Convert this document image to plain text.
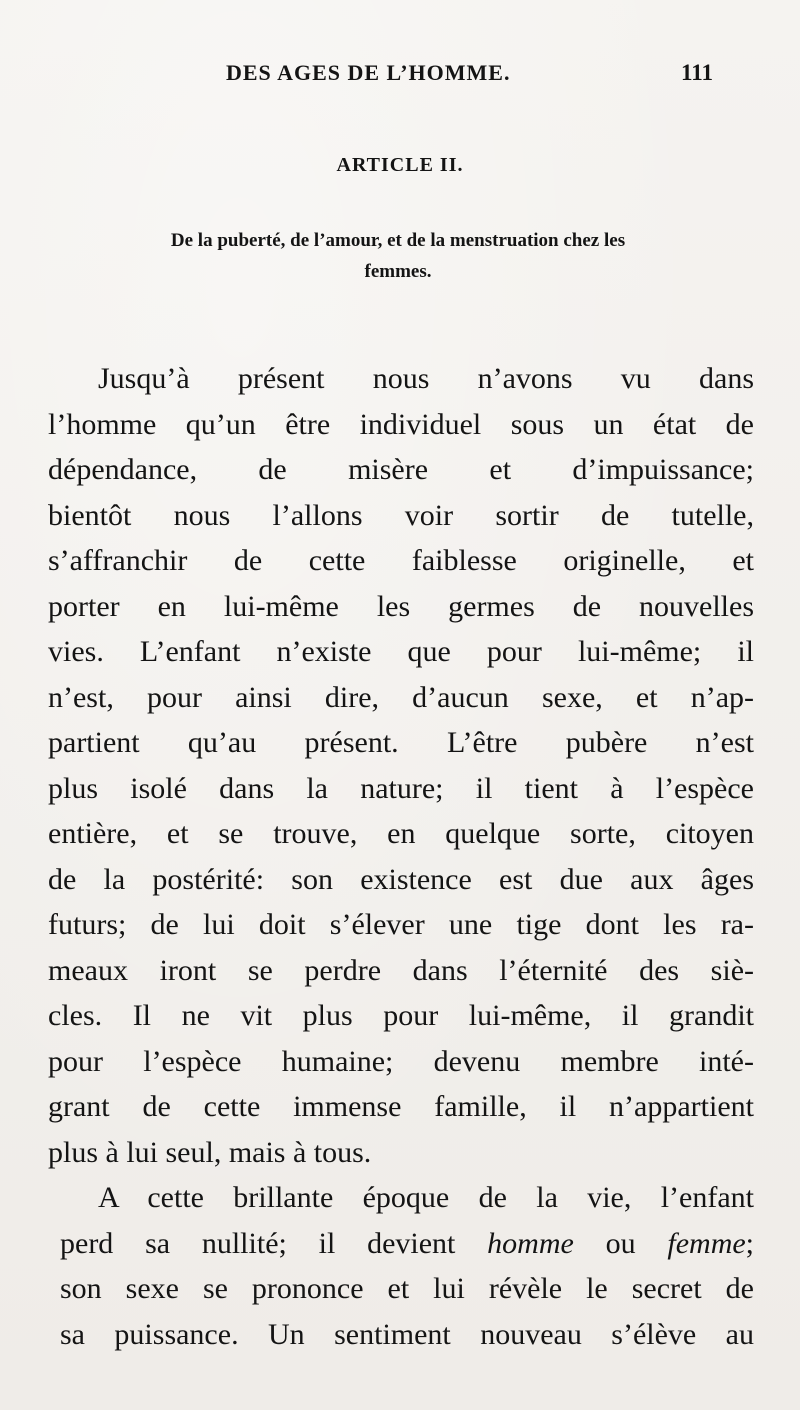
DES AGES DE L’HOMME.	111
ARTICLE II.
De la puberté, de l’amour, et de la menstruation chez les
femmes.
Jusqu’à présent nous n’avons vu dans
l’homme qu’un être individuel sous un état de
dépendance, de misère et d’impuissance;
bientôt nous l’allons voir sortir de tutelle,
s’affranchir de cette faiblesse originelle, et
porter en lui-même les germes de nouvelles
vies. L’enfant n’existe que pour lui-même; il
n’est, pour ainsi dire, d’aucun sexe, et n’ap-
partient qu’au présent. L’être pubère n’est
plus isolé dans la nature; il tient à l’espèce
entière, et se trouve, en quelque sorte, citoyen
de la postérité: son existence est due aux âges
futurs; de lui doit s’élever une tige dont les ra-
meaux iront se perdre dans l’éternité des siè-
cles. Il ne vit plus pour lui-même, il grandit
pour l’espèce humaine; devenu membre inté-
grant de cette immense famille, il n’appartient
plus à lui seul, mais à tous.
A cette brillante époque de la vie, l’enfant
perd sa nullité; il devient homme ou femme;
son sexe se prononce et lui révèle le secret de
sa puissance. Un sentiment nouveau s’élève au
